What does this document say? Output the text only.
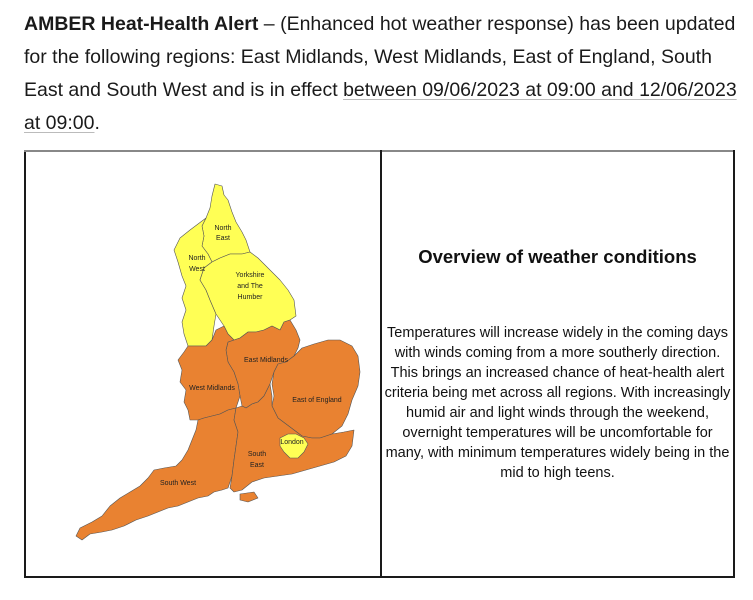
AMBER Heat-Health Alert – (Enhanced hot weather response) has been updated for the following regions: East Midlands, West Midlands, East of England, South East and South West and is in effect between 09/06/2023 at 09:00 and 12/06/2023 at 09:00.
North
East
North
West
Yorkshire
and The
Humber
East Midlands
West Midlands
East of England
London
South
East
South West

Overview of weather conditions
Temperatures will increase widely in the coming days with winds coming from a more southerly direction. This brings an increased chance of heat-health alert criteria being met across all regions. With increasingly humid air and light winds through the weekend, overnight temperatures will be uncomfortable for many, with minimum temperatures widely being in the mid to high teens.
